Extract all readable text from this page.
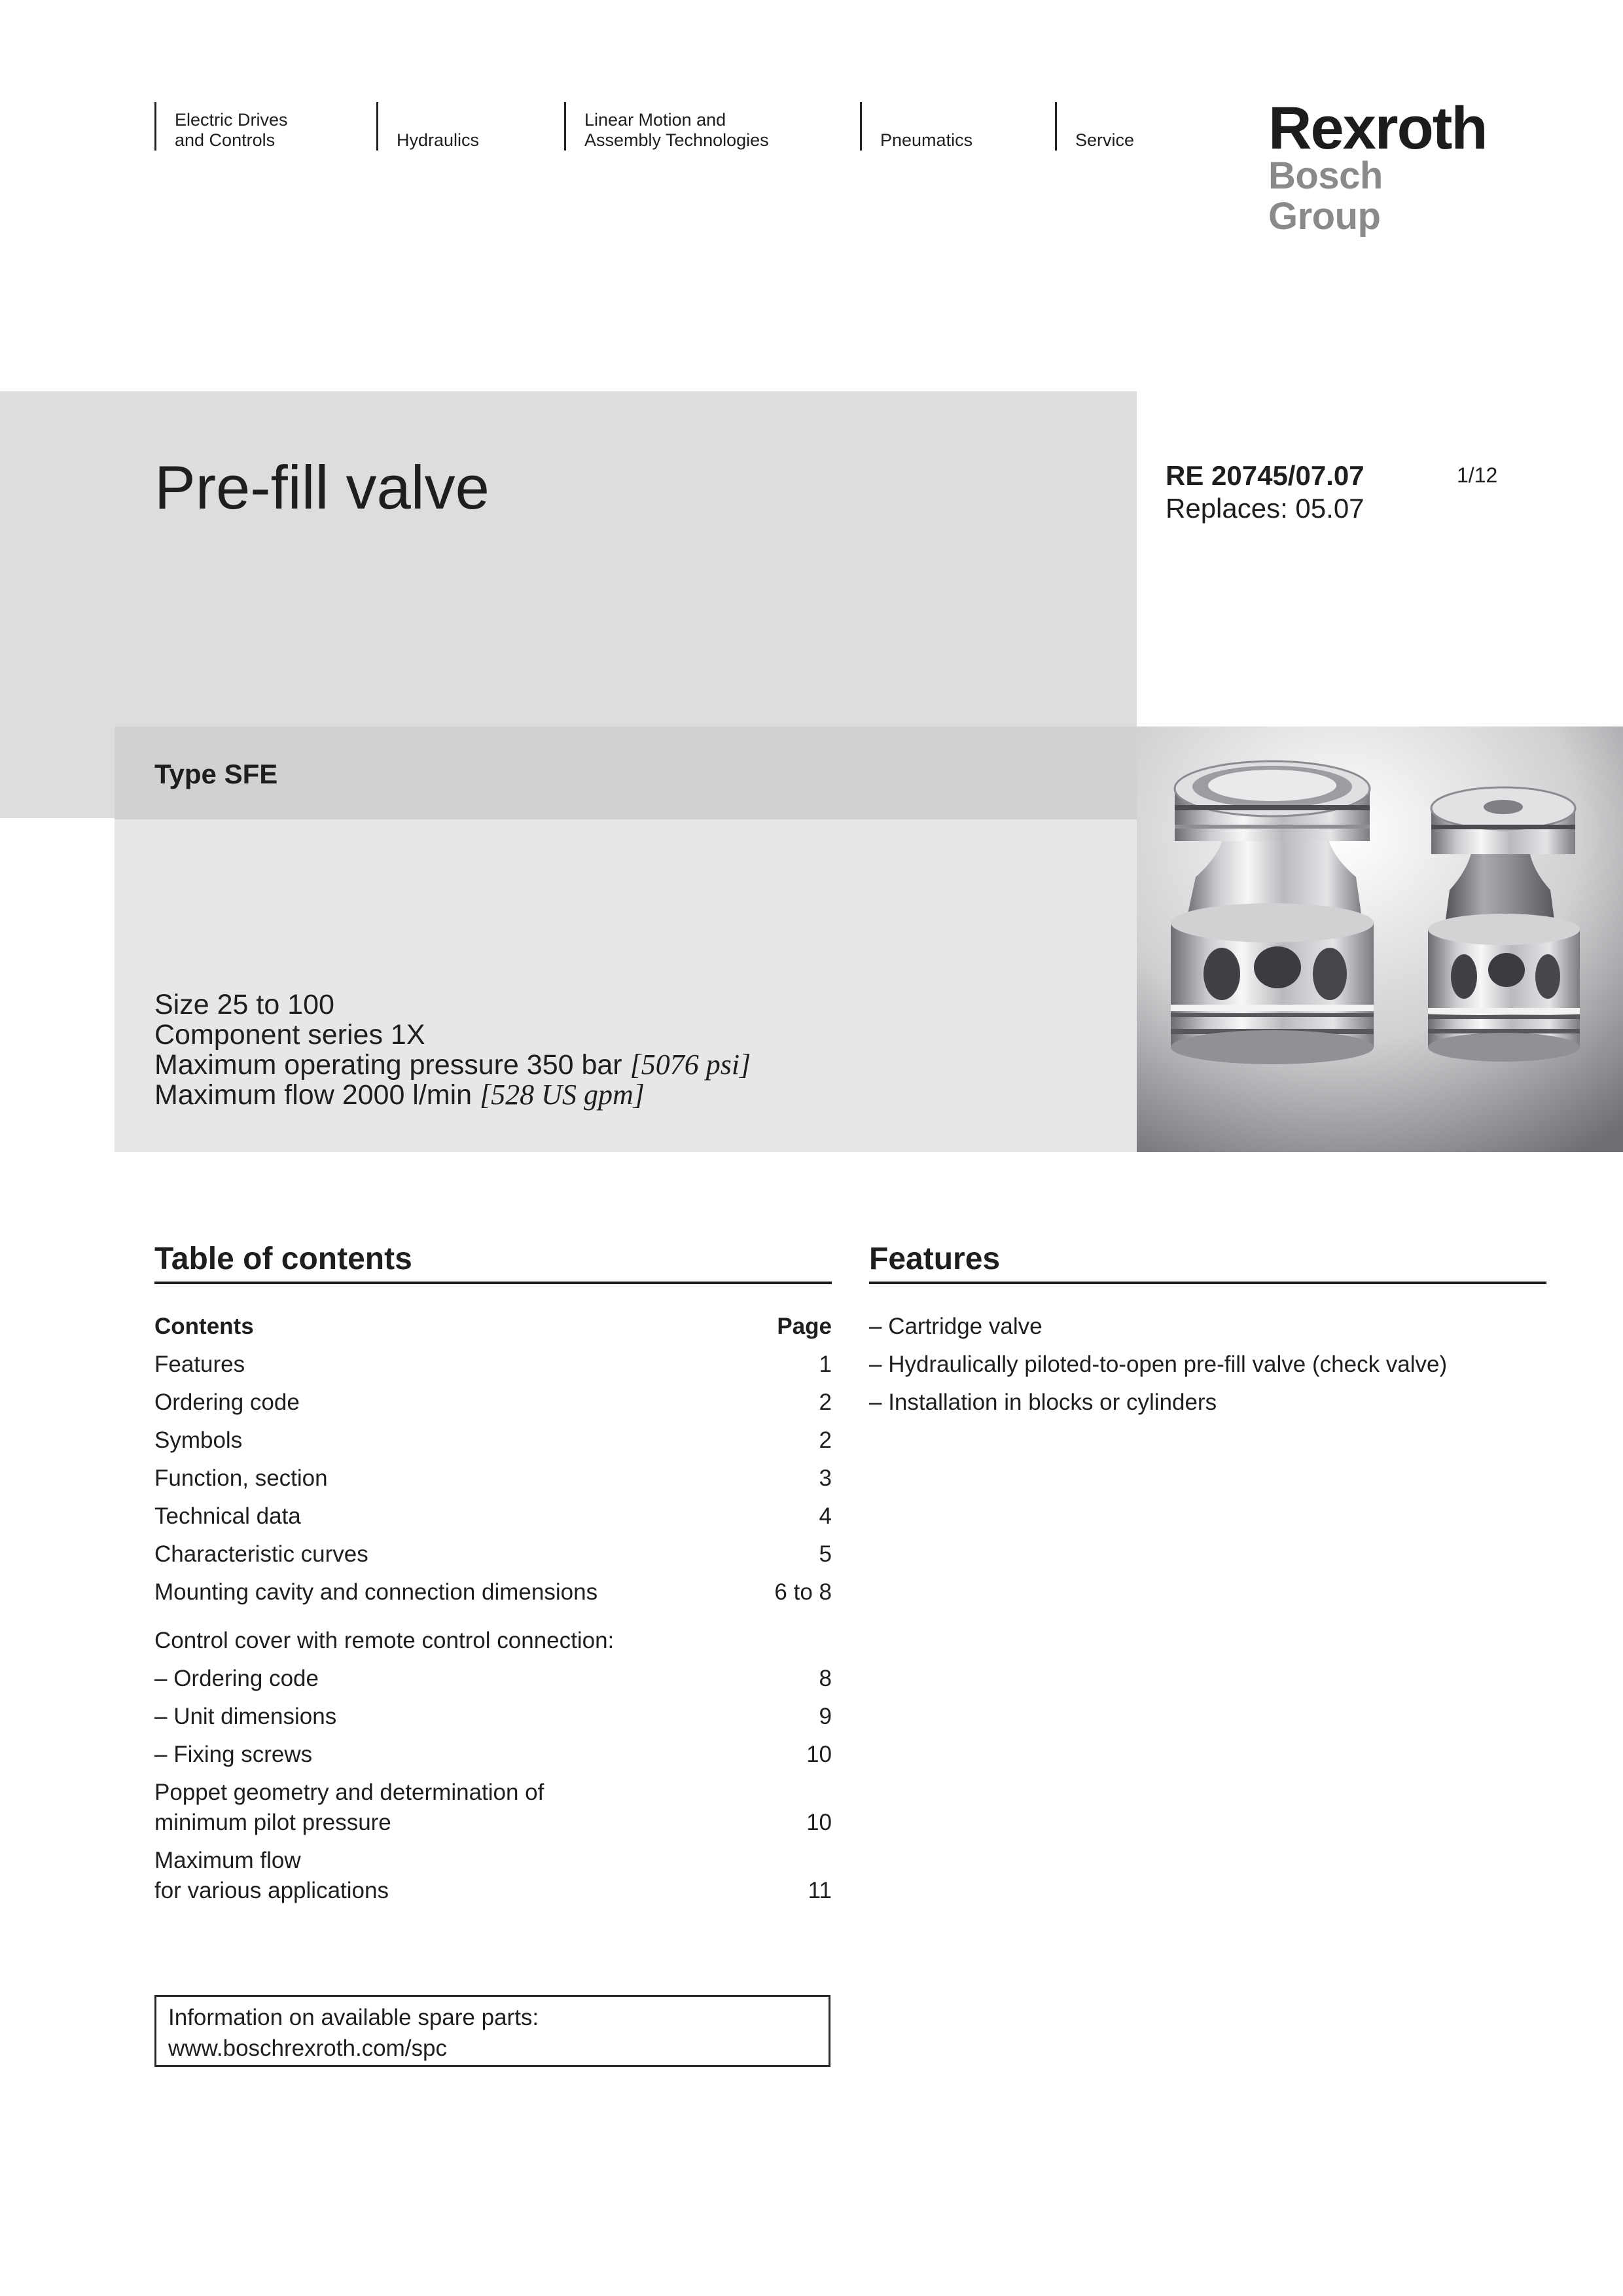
Electric Drives
and Controls	Hydraulics
Linear Motion and
Assembly Technologies	Pneumatics	Service Rexroth
Bosch Group
Pre-fill valve	RE 20745/07.07
Replaces: 05.07
1/12
Type SFE
Size 25 to 100
Component series 1X
Maximum operating pressure 350 bar [5076 psi]
Maximum flow 2000 l/min [528 US gpm]
Table of contents
Contents	Page
Features	1
Ordering code	2
Symbols	2
Function, section	3
Technical data	4
Characteristic curves	5
Mounting cavity and connection dimensions	6 to 8
Control cover with remote control connection:
– Ordering code	8
– Unit dimensions	9
– Fixing screws	10
Poppet geometry and determination of
minimum pilot pressure	10
Maximum flow
for various applications	11
Features
– Cartridge valve
– Hydraulically piloted-to-open pre-fill valve (check valve)
– Installation in blocks or cylinders
Information on available spare parts:
www.boschrexroth.com/spc
